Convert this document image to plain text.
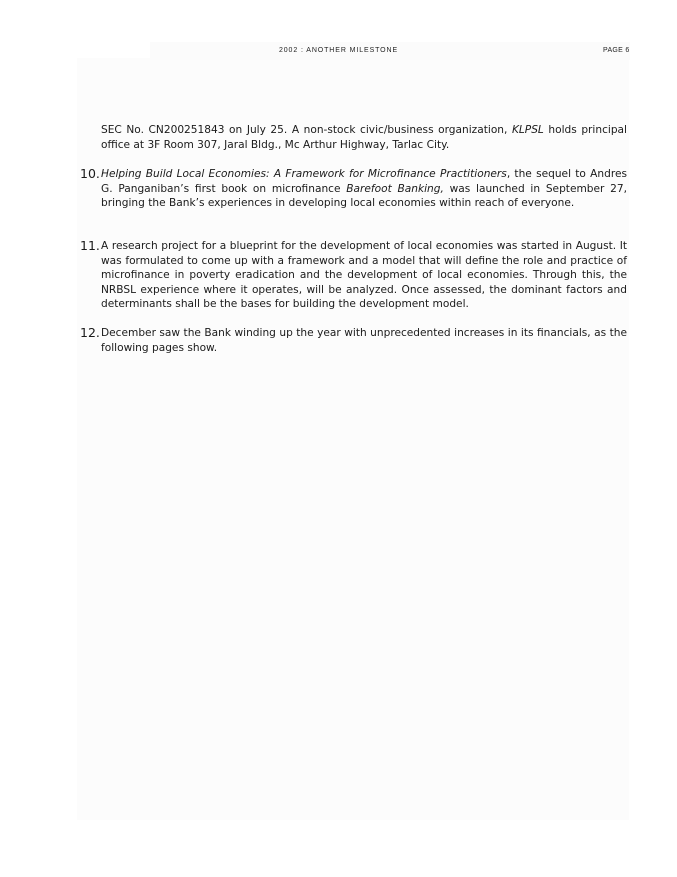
2002 : ANOTHER MILESTONE	PAGE 6

SEC No. CN200251843 on July 25. A non-stock civic/business organization, KLPSL holds principal office at 3F Room 307, Jaral Bldg., Mc Arthur Highway, Tarlac City.

10. Helping Build Local Economies: A Framework for Microfinance Practitioners, the sequel to Andres G. Panganiban’s first book on microfinance Barefoot Banking, was launched in September 27, bringing the Bank’s experiences in developing local economies within reach of everyone.

11. A research project for a blueprint for the development of local economies was started in August. It was formulated to come up with a framework and a model that will define the role and practice of microfinance in poverty eradication and the development of local economies. Through this, the NRBSL experience where it operates, will be analyzed. Once assessed, the dominant factors and determinants shall be the bases for building the development model.

12. December saw the Bank winding up the year with unprecedented increases in its financials, as the following pages show.
